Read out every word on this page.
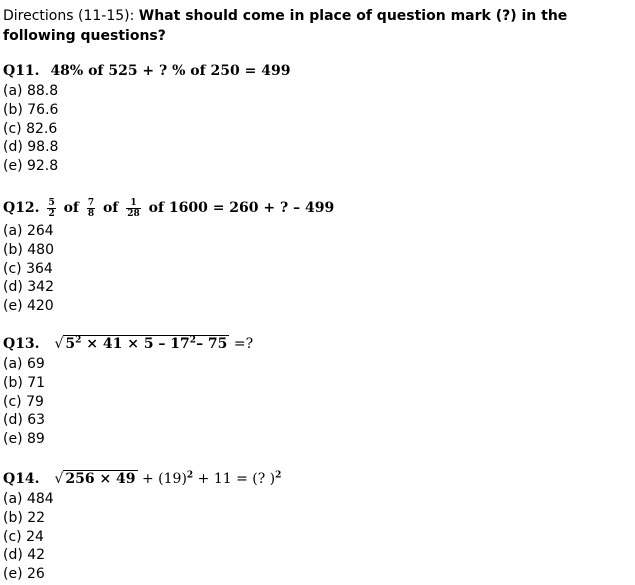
Directions (11-15): What should come in place of question mark (?) in the following questions?
Q11. 48% of 525 + ? % of 250 = 499
(a) 88.8
(b) 76.6
(c) 82.6
(d) 98.8
(e) 92.8
Q12. $\frac{5}{2}$ of $\frac{7}{8}$ of $\frac{1}{28}$ of 1600 = 260 + ? – 499
(a) 264
(b) 480
(c) 364
(d) 342
(e) 420
Q13. √ $5^2 \times 41 \times 5 - 17^2-$ 75 =?
(a) 69
(b) 71
(c) 79
(d) 63
(e) 89
Q14. √ $256 \times 49 + (19)^2 + 11$ = (? )$^2$
(a) 484
(b) 22
(c) 24
(d) 42
(e) 26
